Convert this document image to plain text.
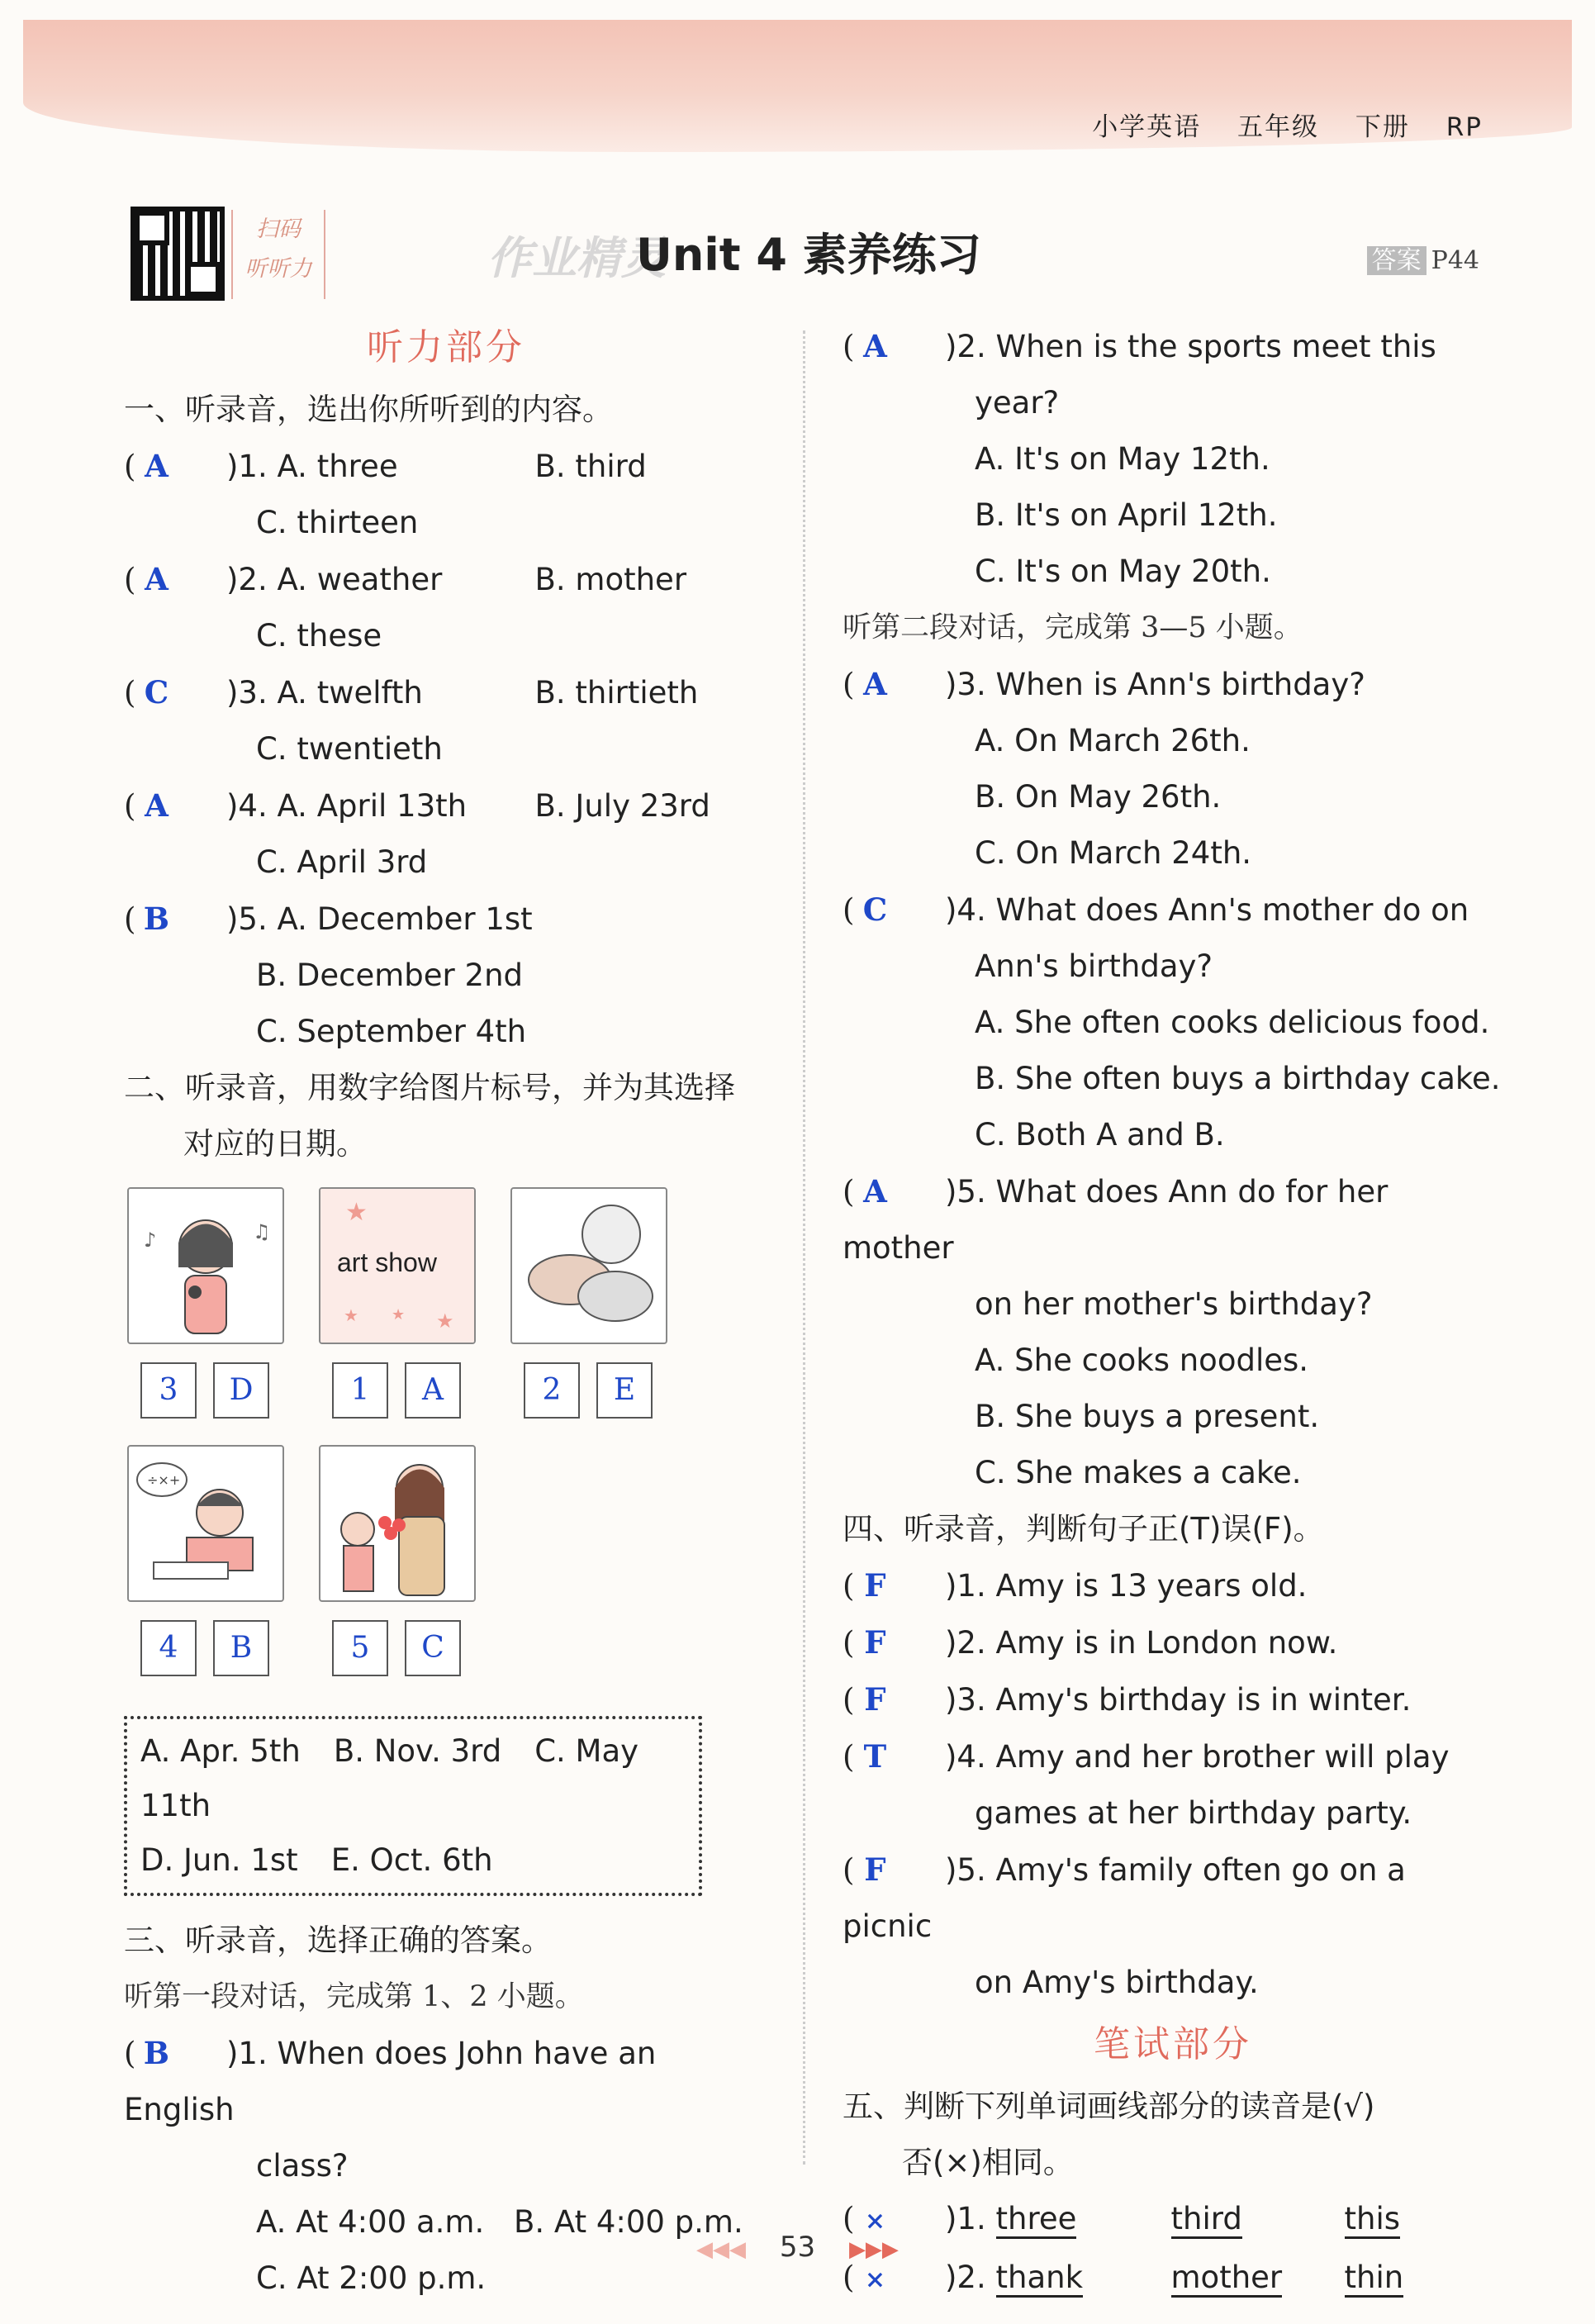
小学英语 五年级 下册 RP
扫码
听听力	作业精灵
Unit 4 素养练习	答案 P44
听力部分

一、听录音，选出你所听到的内容。

( A )1. A. three	B. third
C. thirteen
( A )2. A. weather	B. mother
C. these
( C )3. A. twelfth	B. thirtieth
C. twentieth
( A )4. A. April 13th B. July 23rd
C. April 3rd
( B )5. A. December 1st
B. December 2nd
C. September 4th

二、听录音，用数字给图片标号，并为其选择

对应的日期。

♪	♫
★
★
★ ★
art show
3	D	1	A	2	E
÷×+
4	B	5	C
A. Apr. 5th B. Nov. 3rd C. May 11th
D. Jun. 1st E. Oct. 6th

三、听录音，选择正确的答案。

听第一段对话，完成第 1、2 小题。
( B )1. When does John have an English
class?
A. At 4:00 a.m. B. At 4:00 p.m.
C. At 2:00 p.m.
( A )2. When is the sports meet this
year?
A. It's on May 12th.
B. It's on April 12th.
C. It's on May 20th.
听第二段对话，完成第 3—5 小题。
( A )3. When is Ann's birthday?
A. On March 26th.
B. On May 26th.
C. On March 24th.
( C )4. What does Ann's mother do on
Ann's birthday?
A. She often cooks delicious food.
B. She often buys a birthday cake.
C. Both A and B.
( A )5. What does Ann do for her mother
on her mother's birthday?
A. She cooks noodles.
B. She buys a present.
C. She makes a cake.

四、听录音，判断句子正(T)误(F)。

( F )1. Amy is 13 years old.
( F )2. Amy is in London now.
( F )3. Amy's birthday is in winter.
( T )4. Amy and her brother will play
games at her birthday party.
( F )5. Amy's family often go on a picnic
on Amy's birthday.
笔试部分

五、判断下列单词画线部分的读音是(√)

否(×)相同。

( × )1. three	third	this
( × )2. thank	mother thin
◀◀◀ 53 ▶▶▶
